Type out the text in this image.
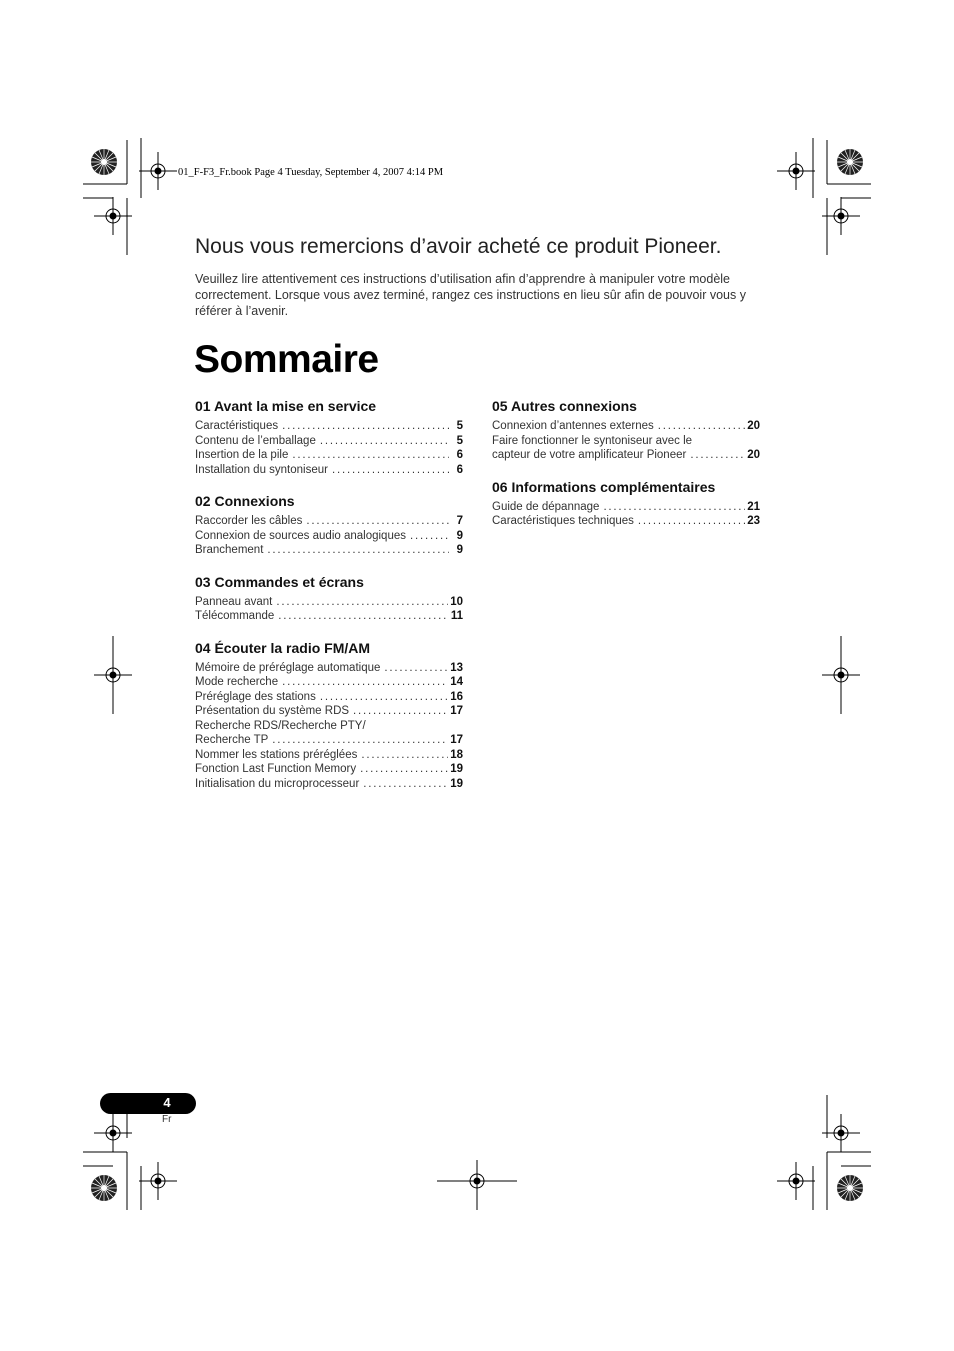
01_F-F3_Fr.book Page 4 Tuesday, September 4, 2007 4:14 PM
Nous vous remercions d’avoir acheté ce produit Pioneer.

Veuillez lire attentivement ces instructions d’utilisation afin d’apprendre à manipuler votre modèle correctement. Lorsque vous avez terminé, rangez ces instructions en lieu sûr afin de pouvoir vous y référer à l’avenir.

Sommaire
01 Avant la mise en service
Caractéristiques .....	5
Contenu de l’emballage .....	5
Insertion de la pile .....	6
Installation du syntoniseur .....	6
02 Connexions
Raccorder les câbles .....	7
Connexion de sources audio analogiques .....	9
Branchement .....	9
03 Commandes et écrans
Panneau avant .....	10
Télécommande .....	11
04 Écouter la radio FM/AM
Mémoire de préréglage automatique .....	13
Mode recherche .....	14
Préréglage des stations .....	16
Présentation du système RDS .....	17
Recherche RDS/Recherche PTY/
Recherche TP .....	17
Nommer les stations préréglées .....	18
Fonction Last Function Memory .....	19
Initialisation du microprocesseur .....	19
05 Autres connexions
Connexion d’antennes externes .....	20
Faire fonctionner le syntoniseur avec le
capteur de votre amplificateur Pioneer .....	20
06 Informations complémentaires
Guide de dépannage .....	21
Caractéristiques techniques .....	23
4
Fr
